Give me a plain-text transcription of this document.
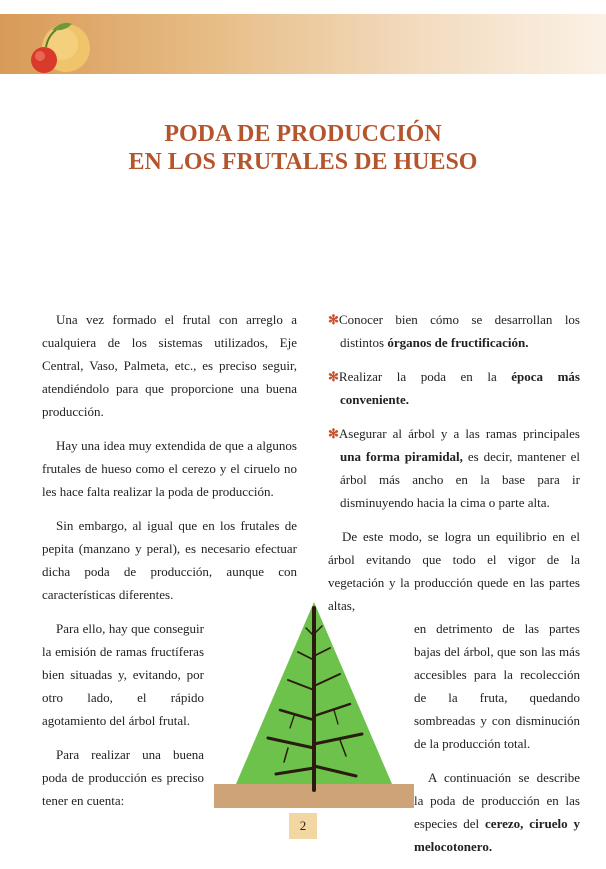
PODA DE PRODUCCIÓN
EN LOS FRUTALES DE HUESO

Una vez formado el frutal con arreglo a cualquiera de los sistemas utilizados, Eje Central, Vaso, Palmeta, etc., es preciso seguir, atendiéndolo para que proporcione una buena producción.

Hay una idea muy extendida de que a algunos frutales de hueso como el cerezo y el ciruelo no les hace falta realizar la poda de producción.

Sin embargo, al igual que en los frutales de pepita (manzano y peral), es necesario efectuar dicha poda de producción, aunque con características diferentes.

Para ello, hay que conseguir la emisión de ramas fructíferas bien situadas y, evitando, por otro lado, el rápido agotamiento del árbol frutal.

Para realizar una buena poda de producción es preciso tener en cuenta:

✻Conocer bien cómo se desarrollan los distintos órganos de fructificación.

✻Realizar la poda en la época más conveniente.

✻Asegurar al árbol y a las ramas principales una forma piramidal, es decir, mantener el árbol más ancho en la base para ir disminuyendo hacia la cima o parte alta.

De este modo, se logra un equilibrio en el árbol evitando que todo el vigor de la vegetación y la producción quede en las partes altas,

en detrimento de las partes bajas del árbol, que son las más accesibles para la recolección de la fruta, quedando sombreadas y con disminución de la producción total.

A continuación se describe la poda de producción en las especies del cerezo, ciruelo y melocotonero.

2
